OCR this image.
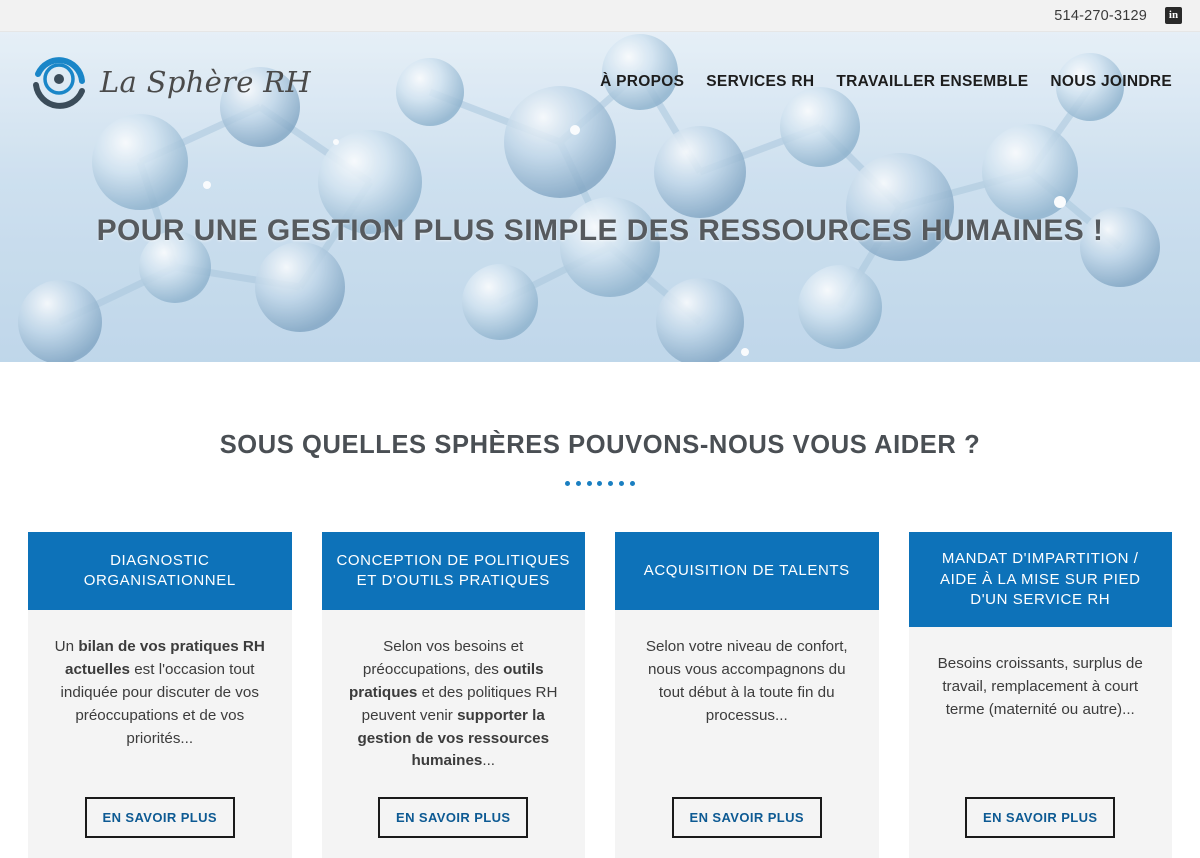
514-270-3129	in
La Sphère RH	À PROPOS SERVICES RH TRAVAILLER ENSEMBLE NOUS JOINDRE
POUR UNE GESTION PLUS SIMPLE DES RESSOURCES HUMAINES !
SOUS QUELLES SPHÈRES POUVONS-NOUS VOUS AIDER ?
DIAGNOSTIC ORGANISATIONNEL
Un bilan de vos pratiques RH actuelles est l'occasion tout indiquée pour discuter de vos préoccupations et de vos priorités...
EN SAVOIR PLUS
CONCEPTION DE POLITIQUES ET D'OUTILS PRATIQUES
Selon vos besoins et préoccupations, des outils pratiques et des politiques RH peuvent venir supporter la gestion de vos ressources humaines...
EN SAVOIR PLUS
ACQUISITION DE TALENTS
Selon votre niveau de confort, nous vous accompagnons du tout début à la toute fin du processus...
EN SAVOIR PLUS
MANDAT D'IMPARTITION / AIDE À LA MISE SUR PIED D'UN SERVICE RH
Besoins croissants, surplus de travail, remplacement à court terme (maternité ou autre)...
EN SAVOIR PLUS
